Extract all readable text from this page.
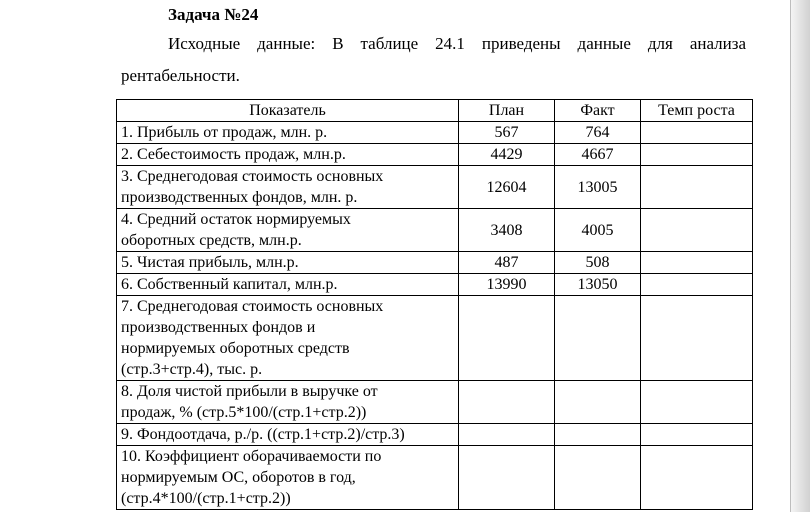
Задача №24
Исходные данные: В таблице 24.1 приведены данные для анализа
рентабельности.
Показатель	План	Факт	Темп роста

1. Прибыль от продаж, млн. р.	567	764	

2. Себестоимость продаж, млн.р.	4429	4667	

3. Среднегодовая стоимость основных
производственных фондов, млн. р.	12604	13005	

4. Средний остаток нормируемых
оборотных средств, млн.р.	3408	4005	

5. Чистая прибыль, млн.р.	487	508	

6. Собственный капитал, млн.р.	13990	13050	

7. Среднегодовая стоимость основных
производственных фондов и
нормируемых оборотных средств
(стр.3+стр.4), тыс. р.			

8. Доля чистой прибыли в выручке от
продаж, % (стр.5*100/(стр.1+стр.2))			

9. Фондоотдача, р./р. ((стр.1+стр.2)/стр.3)			

10. Коэффициент оборачиваемости по
нормируемым ОС, оборотов в год,
(стр.4*100/(стр.1+стр.2))			
